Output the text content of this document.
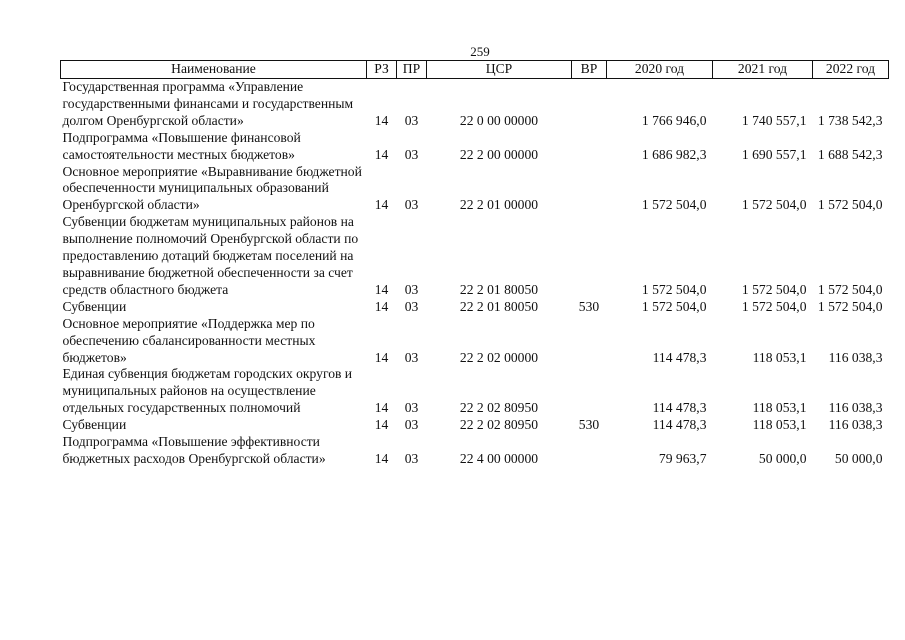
259
Наименование	РЗ	ПР	ЦСР	ВР	2020 год	2021 год	2022 год
Государственная программа «Управление государственными финансами и государственным долгом Оренбургской области»	14	03	22 0 00 00000		1 766 946,0	1 740 557,1	1 738 542,3
Подпрограмма «Повышение финансовой самостоятельности местных бюджетов»	14	03	22 2 00 00000		1 686 982,3	1 690 557,1	1 688 542,3
Основное мероприятие «Выравнивание бюджетной обеспеченности муниципальных образований Оренбургской области»	14	03	22 2 01 00000		1 572 504,0	1 572 504,0	1 572 504,0
Субвенции бюджетам муниципальных районов на выполнение полномочий Оренбургской области по предоставлению дотаций бюджетам поселений на выравнивание бюджетной обеспеченности за счет средств областного бюджета	14	03	22 2 01 80050		1 572 504,0	1 572 504,0	1 572 504,0
Субвенции	14	03	22 2 01 80050	530	1 572 504,0	1 572 504,0	1 572 504,0
Основное мероприятие «Поддержка мер по обеспечению сбалансированности местных бюджетов»	14	03	22 2 02 00000		114 478,3	118 053,1	116 038,3
Единая субвенция бюджетам городских округов и муниципальных районов на осуществление отдельных государственных полномочий	14	03	22 2 02 80950		114 478,3	118 053,1	116 038,3
Субвенции	14	03	22 2 02 80950	530	114 478,3	118 053,1	116 038,3
Подпрограмма «Повышение эффективности бюджетных расходов Оренбургской области»	14	03	22 4 00 00000		79 963,7	50 000,0	50 000,0
